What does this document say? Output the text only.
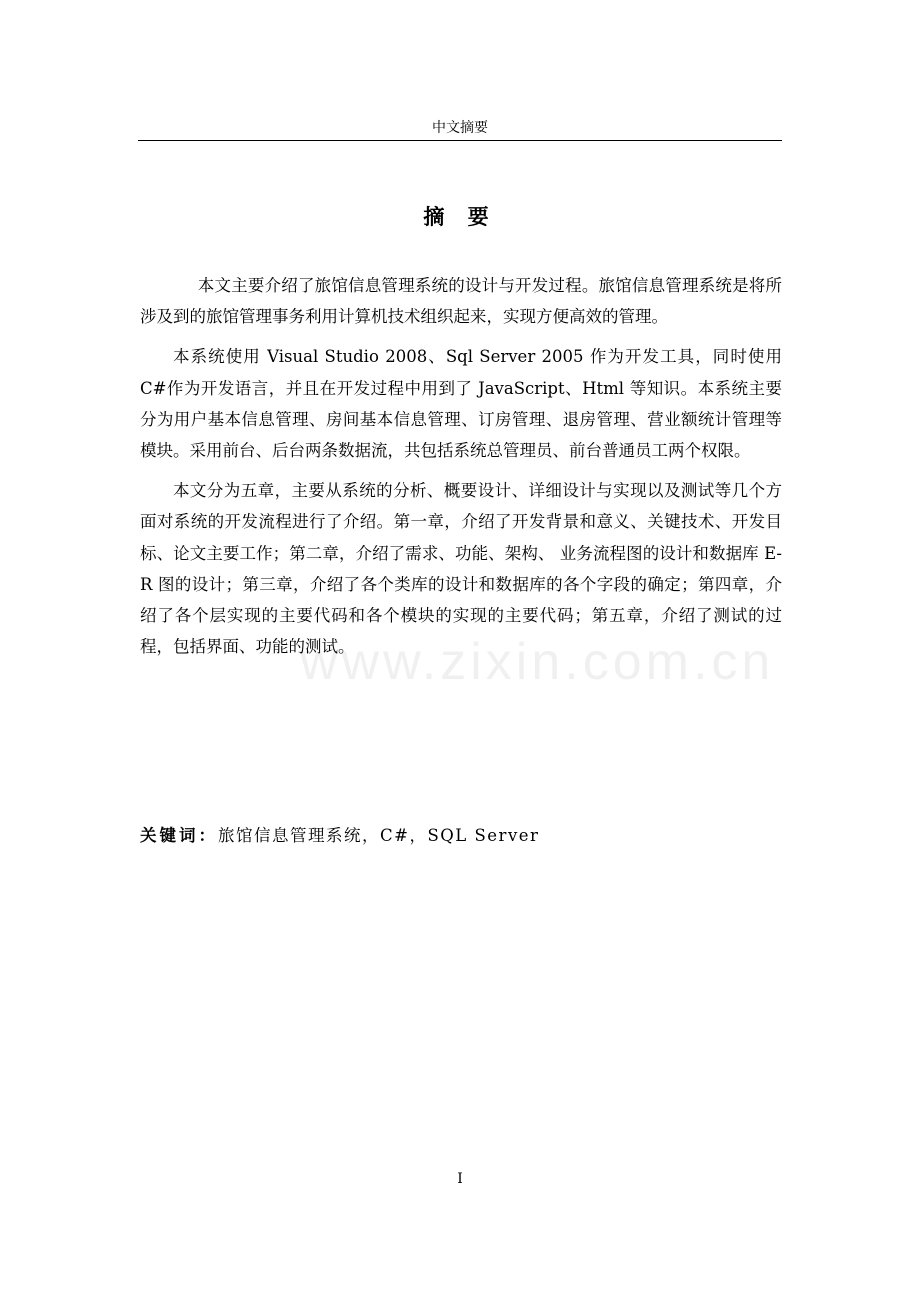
中文摘要
摘 要

本文主要介绍了旅馆信息管理系统的设计与开发过程。旅馆信息管理系统是将所涉及到的旅馆管理事务利用计算机技术组织起来，实现方便高效的管理。

本系统使用 Visual Studio 2008、Sql Server 2005 作为开发工具，同时使用 C#作为开发语言，并且在开发过程中用到了 JavaScript、Html 等知识。本系统主要分为用户基本信息管理、房间基本信息管理、订房管理、退房管理、营业额统计管理等模块。采用前台、后台两条数据流，共包括系统总管理员、前台普通员工两个权限。

本文分为五章，主要从系统的分析、概要设计、详细设计与实现以及测试等几个方面对系统的开发流程进行了介绍。第一章，介绍了开发背景和意义、关键技术、开发目标、论文主要工作；第二章，介绍了需求、功能、架构、 业务流程图的设计和数据库 E-R 图的设计；第三章，介绍了各个类库的设计和数据库的各个字段的确定；第四章，介绍了各个层实现的主要代码和各个模块的实现的主要代码；第五章，介绍了测试的过程，包括界面、功能的测试。

www.zixin.com.cn
关键词：旅馆信息管理系统，C#，SQL Server
I
